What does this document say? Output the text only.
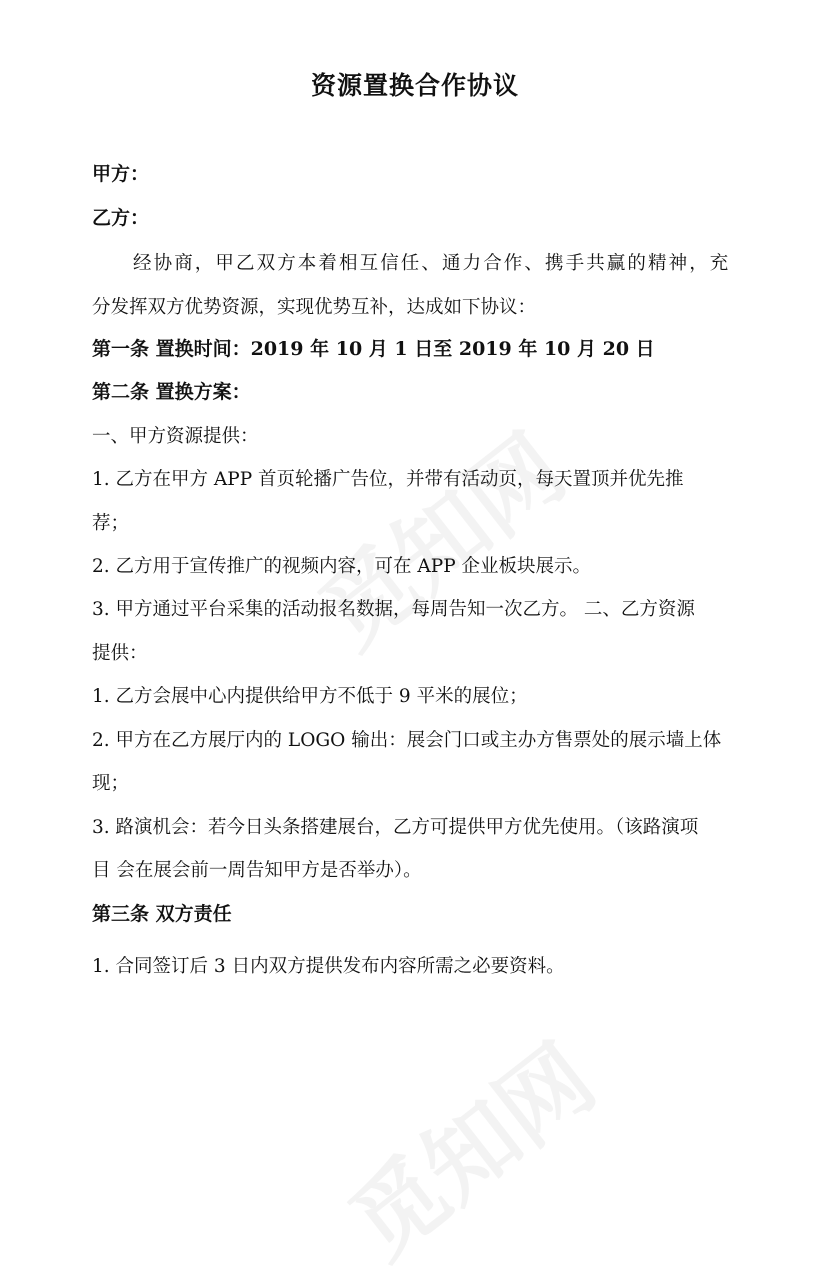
资源置换合作协议
甲方：
乙方：
经协商，甲乙双方本着相互信任、通力合作、携手共赢的精神，充
分发挥双方优势资源，实现优势互补，达成如下协议：
第一条 置换时间：2019 年 10 月 1 日至 2019 年 10 月 20 日
第二条 置换方案：
一、甲方资源提供：
1. 乙方在甲方 APP 首页轮播广告位，并带有活动页，每天置顶并优先推
荐；
2. 乙方用于宣传推广的视频内容，可在 APP 企业板块展示。
3. 甲方通过平台采集的活动报名数据，每周告知一次乙方。 二、乙方资源
提供：
1. 乙方会展中心内提供给甲方不低于 9 平米的展位；
2. 甲方在乙方展厅内的 LOGO 输出：展会门口或主办方售票处的展示墙上体
现；
3. 路演机会：若今日头条搭建展台，乙方可提供甲方优先使用。（该路演项
目 会在展会前一周告知甲方是否举办）。
第三条 双方责任
1. 合同签订后 3 日内双方提供发布内容所需之必要资料。
